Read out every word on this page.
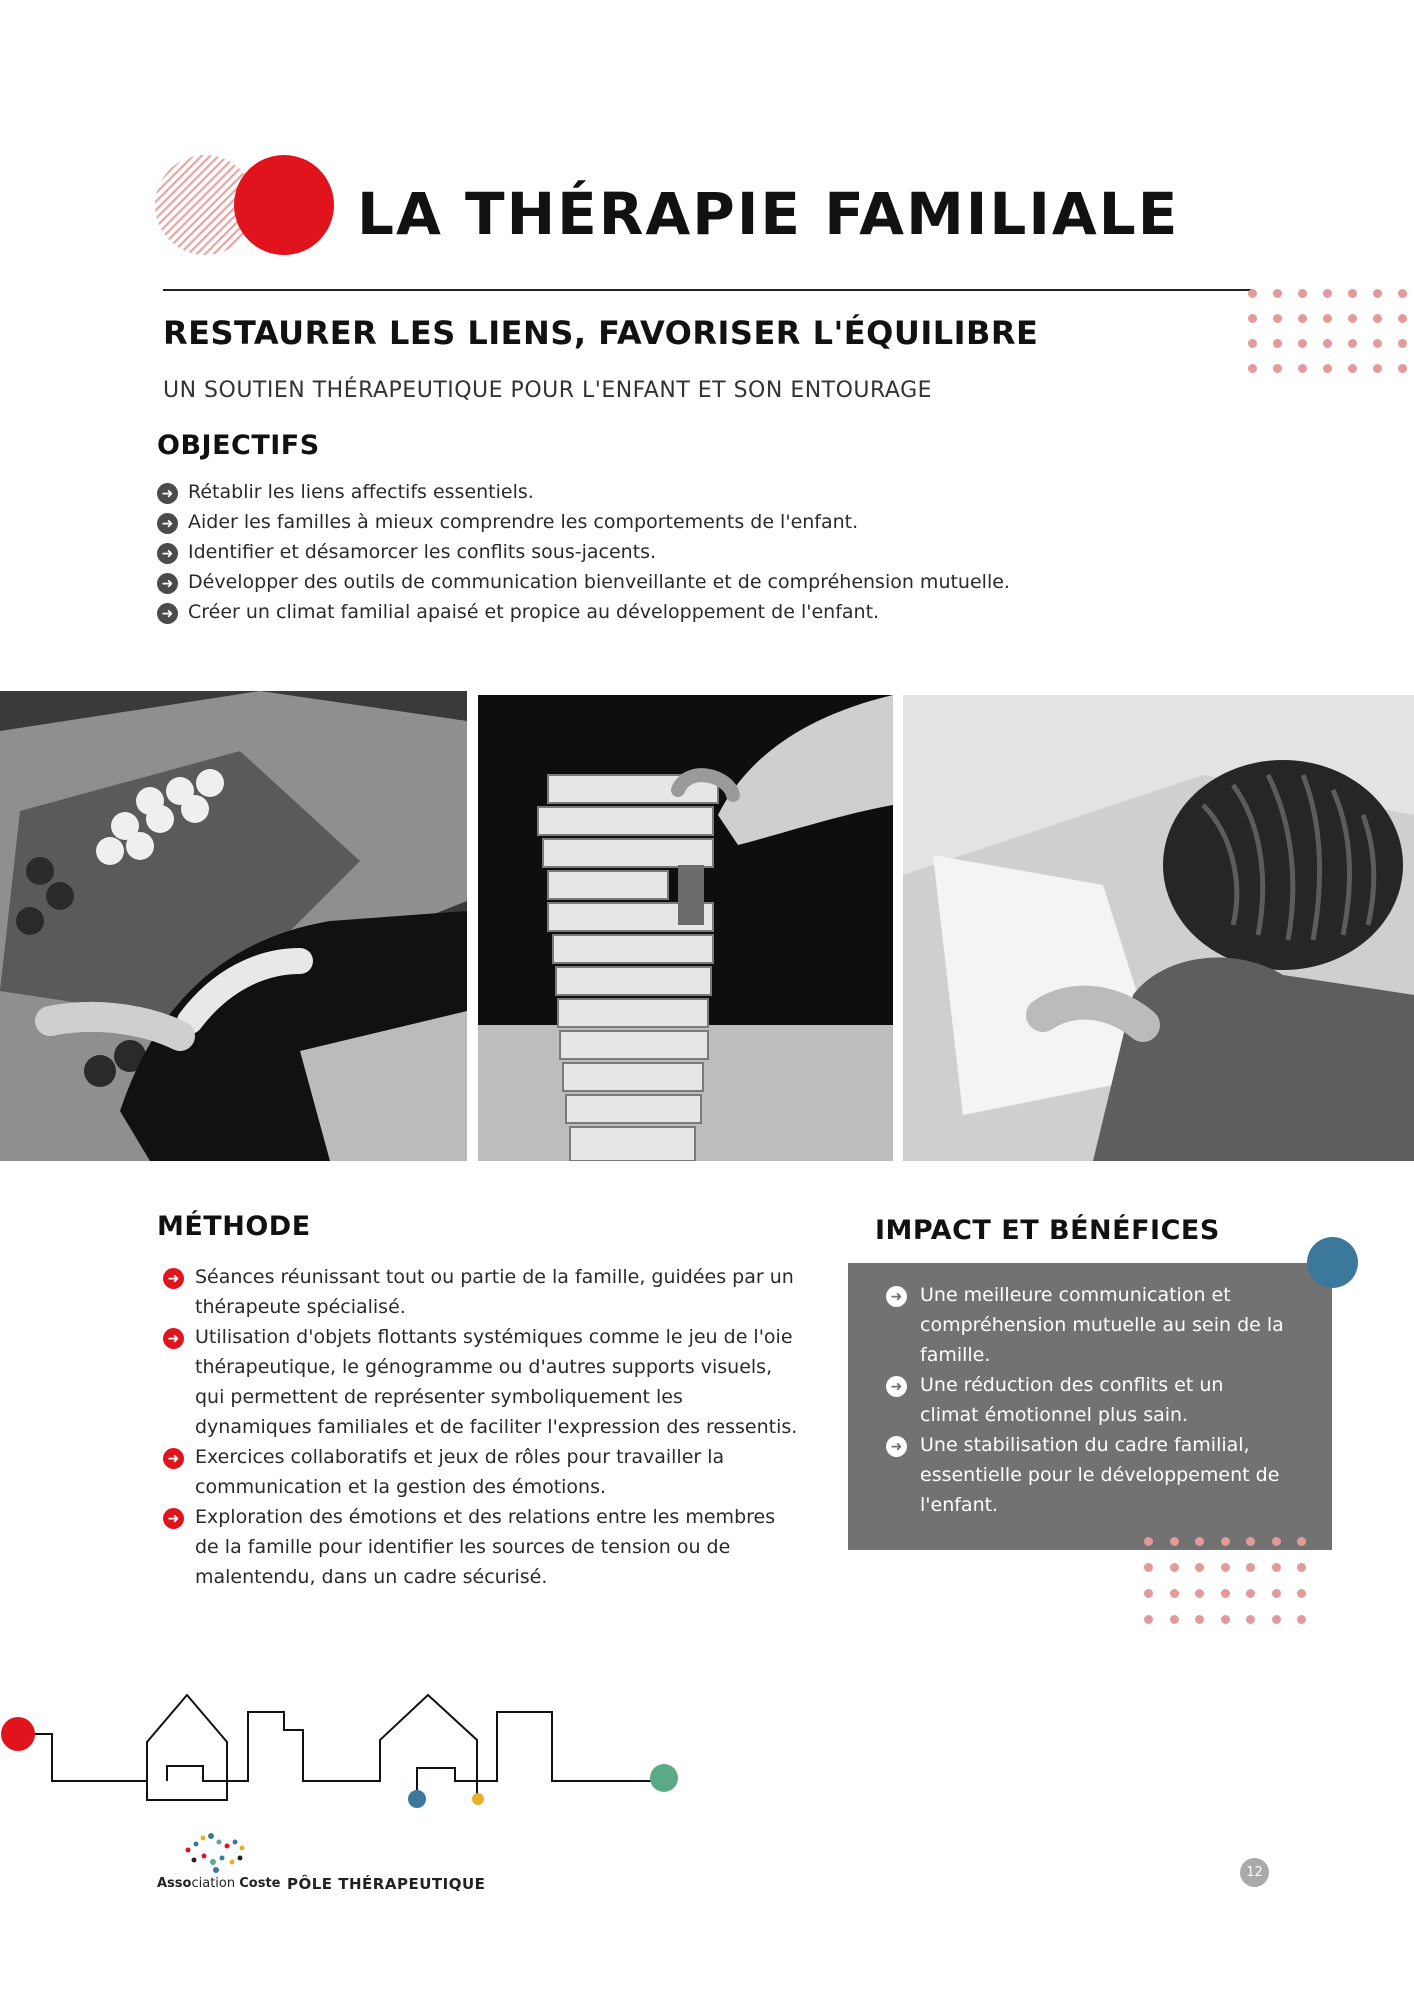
LA THÉRAPIE FAMILIALE
RESTAURER LES LIENS, FAVORISER L'ÉQUILIBRE
UN SOUTIEN THÉRAPEUTIQUE POUR L'ENFANT ET SON ENTOURAGE
OBJECTIFS
➜ Rétablir les liens affectifs essentiels.
➜ Aider les familles à mieux comprendre les comportements de l'enfant.
➜ Identifier et désamorcer les conflits sous-jacents.
➜ Développer des outils de communication bienveillante et de compréhension mutuelle.
➜ Créer un climat familial apaisé et propice au développement de l'enfant.
MÉTHODE
➜ Séances réunissant tout ou partie de la famille, guidées par un thérapeute spécialisé.
➜ Utilisation d'objets flottants systémiques comme le jeu de l'oie thérapeutique, le génogramme ou d'autres supports visuels, qui permettent de représenter symboliquement les dynamiques familiales et de faciliter l'expression des ressentis.
➜ Exercices collaboratifs et jeux de rôles pour travailler la communication et la gestion des émotions.
➜ Exploration des émotions et des relations entre les membres de la famille pour identifier les sources de tension ou de malentendu, dans un cadre sécurisé.
IMPACT ET BÉNÉFICES
➜ Une meilleure communication et compréhension mutuelle au sein de la famille.
➜ Une réduction des conflits et un climat émotionnel plus sain.
➜ Une stabilisation du cadre familial, essentielle pour le développement de l'enfant.
Association Coste PÔLE THÉRAPEUTIQUE
12
